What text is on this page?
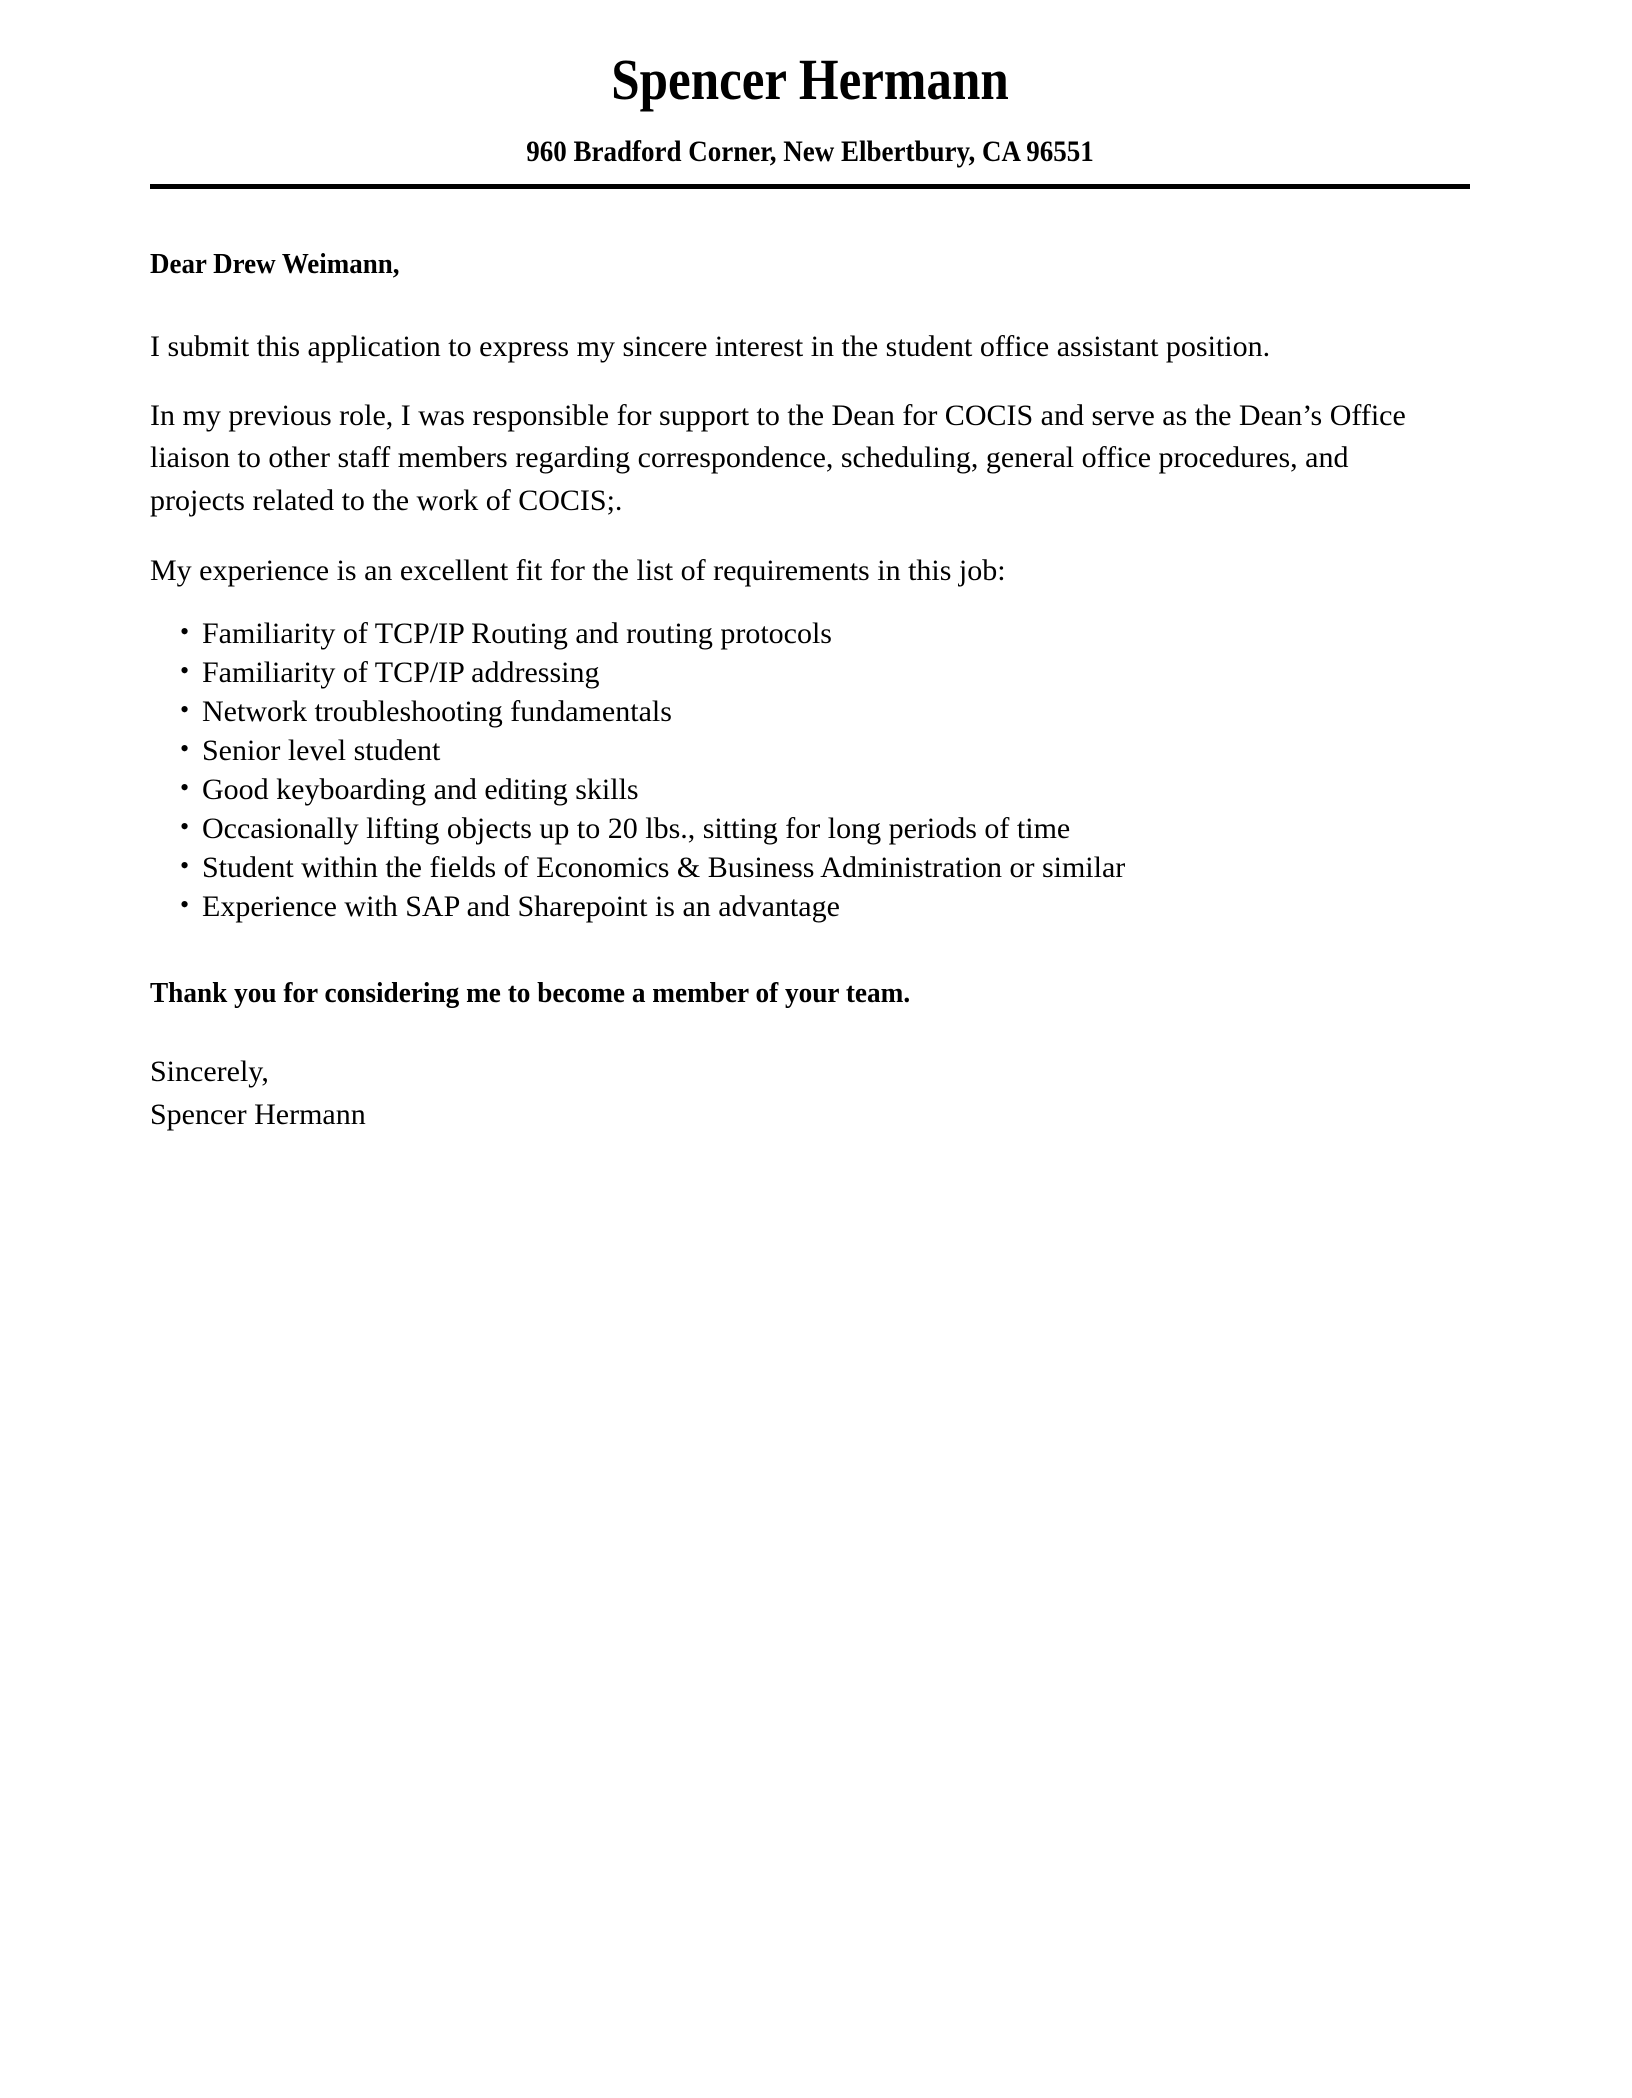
Spencer Hermann
960 Bradford Corner, New Elbertbury, CA 96551

Dear Drew Weimann,

I submit this application to express my sincere interest in the student office assistant position.

In my previous role, I was responsible for support to the Dean for COCIS and serve as the Dean’s Office liaison to other staff members regarding correspondence, scheduling, general office procedures, and projects related to the work of COCIS;.

My experience is an excellent fit for the list of requirements in this job:

• Familiarity of TCP/IP Routing and routing protocols
• Familiarity of TCP/IP addressing
• Network troubleshooting fundamentals
• Senior level student
• Good keyboarding and editing skills
• Occasionally lifting objects up to 20 lbs., sitting for long periods of time
• Student within the fields of Economics & Business Administration or similar
• Experience with SAP and Sharepoint is an advantage

Thank you for considering me to become a member of your team.

Sincerely,

Spencer Hermann
